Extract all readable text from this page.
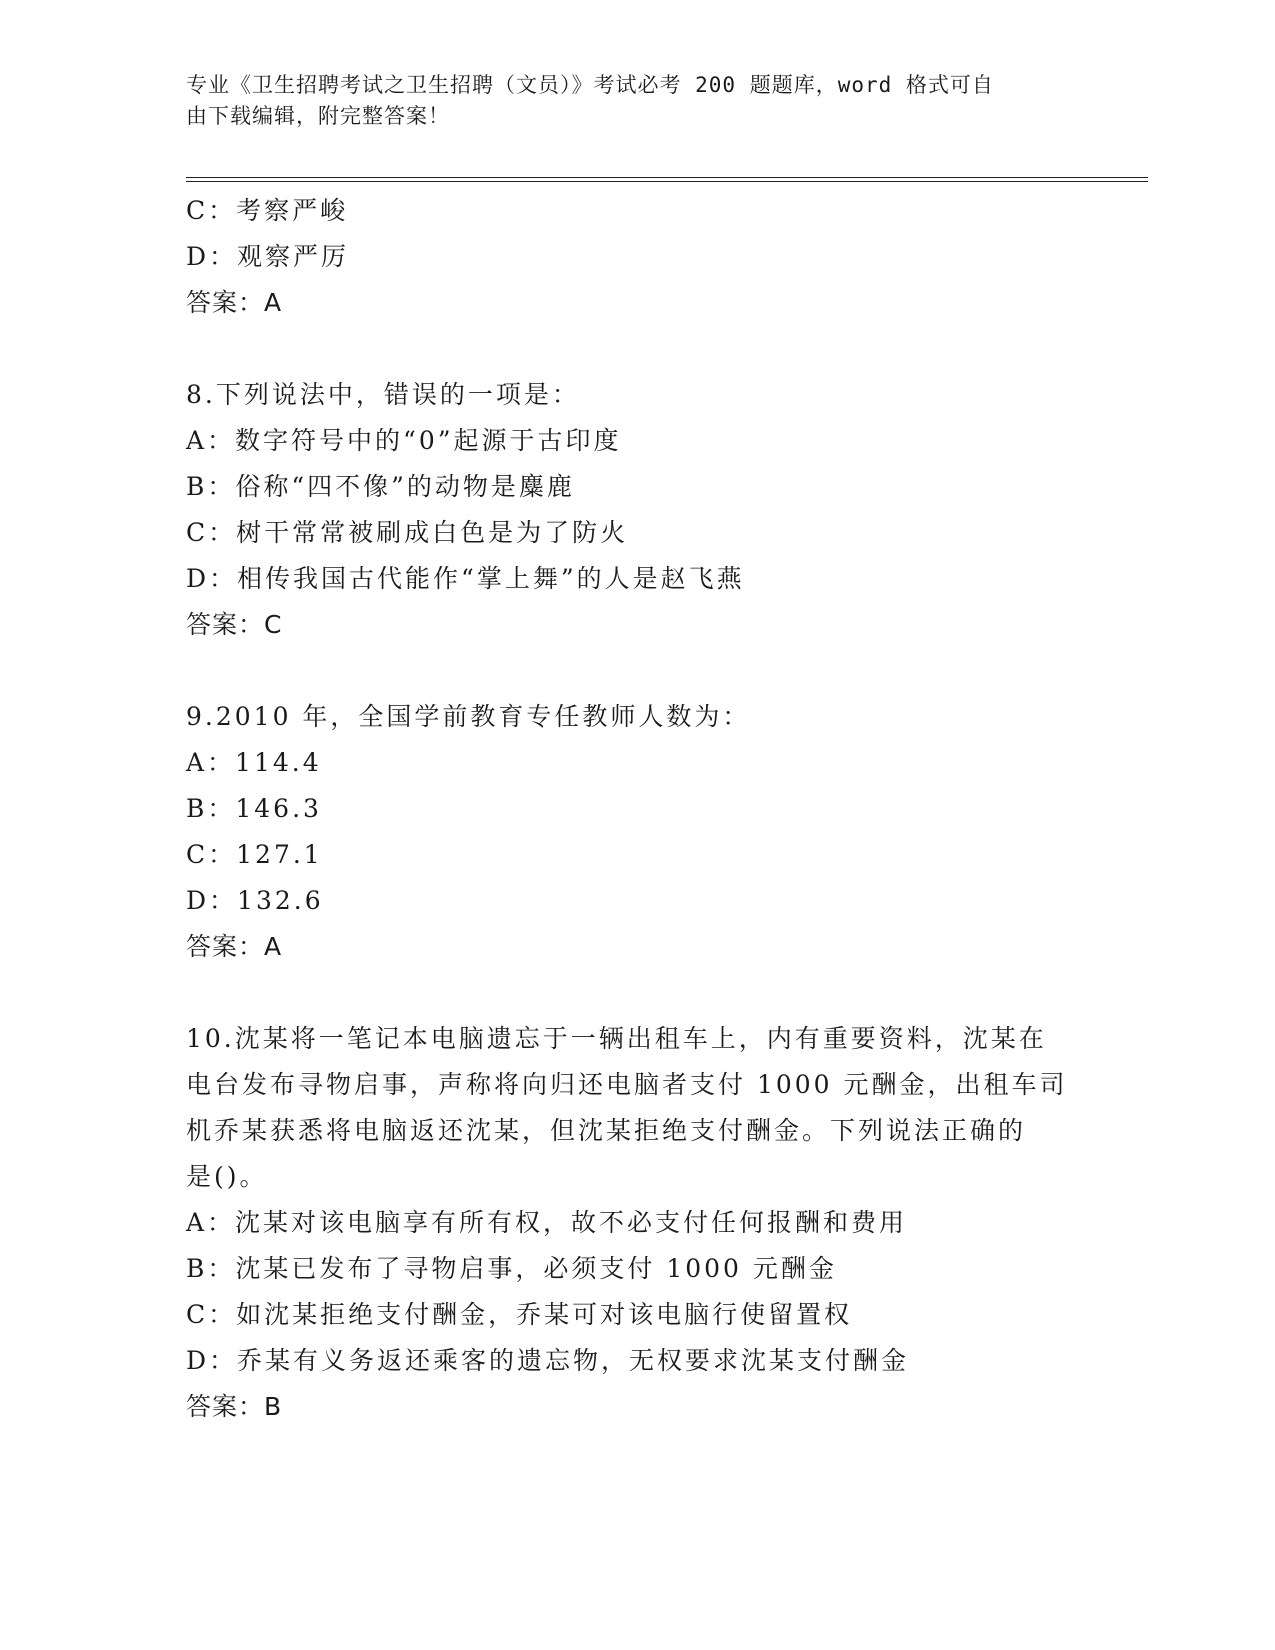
专业《卫生招聘考试之卫生招聘（文员）》考试必考 200 题题库，word 格式可自
由下载编辑，附完整答案！
C：考察严峻
D：观察严厉
答案：A
8.下列说法中，错误的一项是：
A：数字符号中的“0”起源于古印度
B：俗称“四不像”的动物是麋鹿
C：树干常常被刷成白色是为了防火
D：相传我国古代能作“掌上舞”的人是赵飞燕
答案：C
9.2010 年，全国学前教育专任教师人数为：
A：114.4
B：146.3
C：127.1
D：132.6
答案：A
10.沈某将一笔记本电脑遗忘于一辆出租车上，内有重要资料，沈某在
电台发布寻物启事，声称将向归还电脑者支付 1000 元酬金，出租车司
机乔某获悉将电脑返还沈某，但沈某拒绝支付酬金。下列说法正确的
是()。
A：沈某对该电脑享有所有权，故不必支付任何报酬和费用
B：沈某已发布了寻物启事，必须支付 1000 元酬金
C：如沈某拒绝支付酬金，乔某可对该电脑行使留置权
D：乔某有义务返还乘客的遗忘物，无权要求沈某支付酬金
答案：B
